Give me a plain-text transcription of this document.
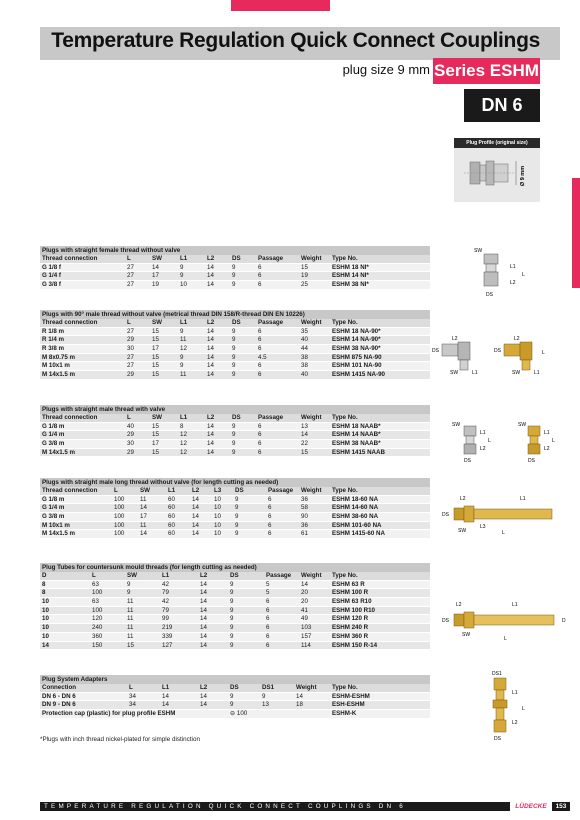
Temperature Regulation Quick Connect Couplings
plug size 9 mm Series ESHM
DN 6
Plug Profile (original size)
Ø 9 mm
Plugs with straight female thread without valve
Thread connection	L	SW	L1	L2	DS	Passage	Weight Type No.
G 1/8 f	27	14	9	14	9	6	15	ESHM 18 NI*
G 1/4 f	27	17	9	14	9	6	19	ESHM 14 NI*
G 3/8 f	27	19	10	14	9	6	25	ESHM 38 NI*
Plugs with 90° male thread without valve (metrical thread DIN 158/R-thread DIN EN 10226)
Thread connection	L	SW	L1	L2	DS	Passage	Weight Type No.
R 1/8 m	27	15	9	14	9	6	35	ESHM 18 NA-90*
R 1/4 m	29	15	11	14	9	6	40	ESHM 14 NA-90*
R 3/8 m	30	17	12	14	9	6	44	ESHM 38 NA-90*
M 8x0.75 m	27	15	9	14	9	4.5	38	ESHM 875 NA-90
M 10x1 m	27	15	9	14	9	6	38	ESHM 101 NA-90
M 14x1.5 m	29	15	11	14	9	6	40	ESHM 1415 NA-90
Plugs with straight male thread with valve
Thread connection	L	SW	L1	L2	DS	Passage	Weight Type No.
G 1/8 m	40	15	8	14	9	6	13	ESHM 18 NAAB*
G 1/4 m	29	15	12	14	9	6	14	ESHM 14 NAAB*
G 3/8 m	30	17	12	14	9	6	22	ESHM 38 NAAB*
M 14x1.5 m	29	15	12	14	9	6	15	ESHM 1415 NAAB
Plugs with straight male long thread without valve (for length cutting as needed)
Thread connection	L	SW	L1	L2 L3 DS	Passage Weight Type No.
G 1/8 m	100	11	60	14 10 9	6	36	ESHM 18-60 NA
G 1/4 m	100	14	60	14 10 9	6	58	ESHM 14-60 NA
G 3/8 m	100	17	60	14 10 9	6	90	ESHM 38-60 NA
M 10x1 m	100	11	60	14 10 9	6	36	ESHM 101-60 NA
M 14x1.5 m	100	14	60	14 10 9	6	61	ESHM 1415-60 NA
Plug Tubes for countersunk mould threads (for length cutting as needed)
D	L	SW	L1	L2	DS	Passage Weight Type No.
8	63	9	42	14	9	5	14	ESHM 63 R
8	100	9	79	14	9	5	20	ESHM 100 R
10	63	11	42	14	9	6	20	ESHM 63 R10
10	100	11	79	14	9	6	41	ESHM 100 R10
10	120	11	99	14	9	6	49	ESHM 120 R
10	240	11	219	14	9	6	103	ESHM 240 R
10	360	11	339	14	9	6	157	ESHM 360 R
14	150	15	127	14	9	6	114	ESHM 150 R-14
Plug System Adapters
Connection	L	L1	L2	DS	DS1	Weight Type No.
DN 6 - DN 6	34	14	14	9	9	14	ESHM-ESHM
DN 9 - DN 6	34	14	14	9	13	18	ESH-ESHM
Protection cap (plastic) for plug profile ESHM	⊖ 100	ESHM-K
SW
L1
L2
L
DS
DS
L2
SW	L1
DS
L2
SW	L1
L
SW
L1
L2
L
DS
SW
L1
L2
L
DS
L2	L1
DS
L3
SW	L
L2	L1
DS	D
SW
L
DS1
L1
L2
L
DS
*Plugs with inch thread nickel-plated for simple distinction
TEMPERATURE REGULATION QUICK CONNECT COUPLINGS DN 6	LÜDECKE	153
